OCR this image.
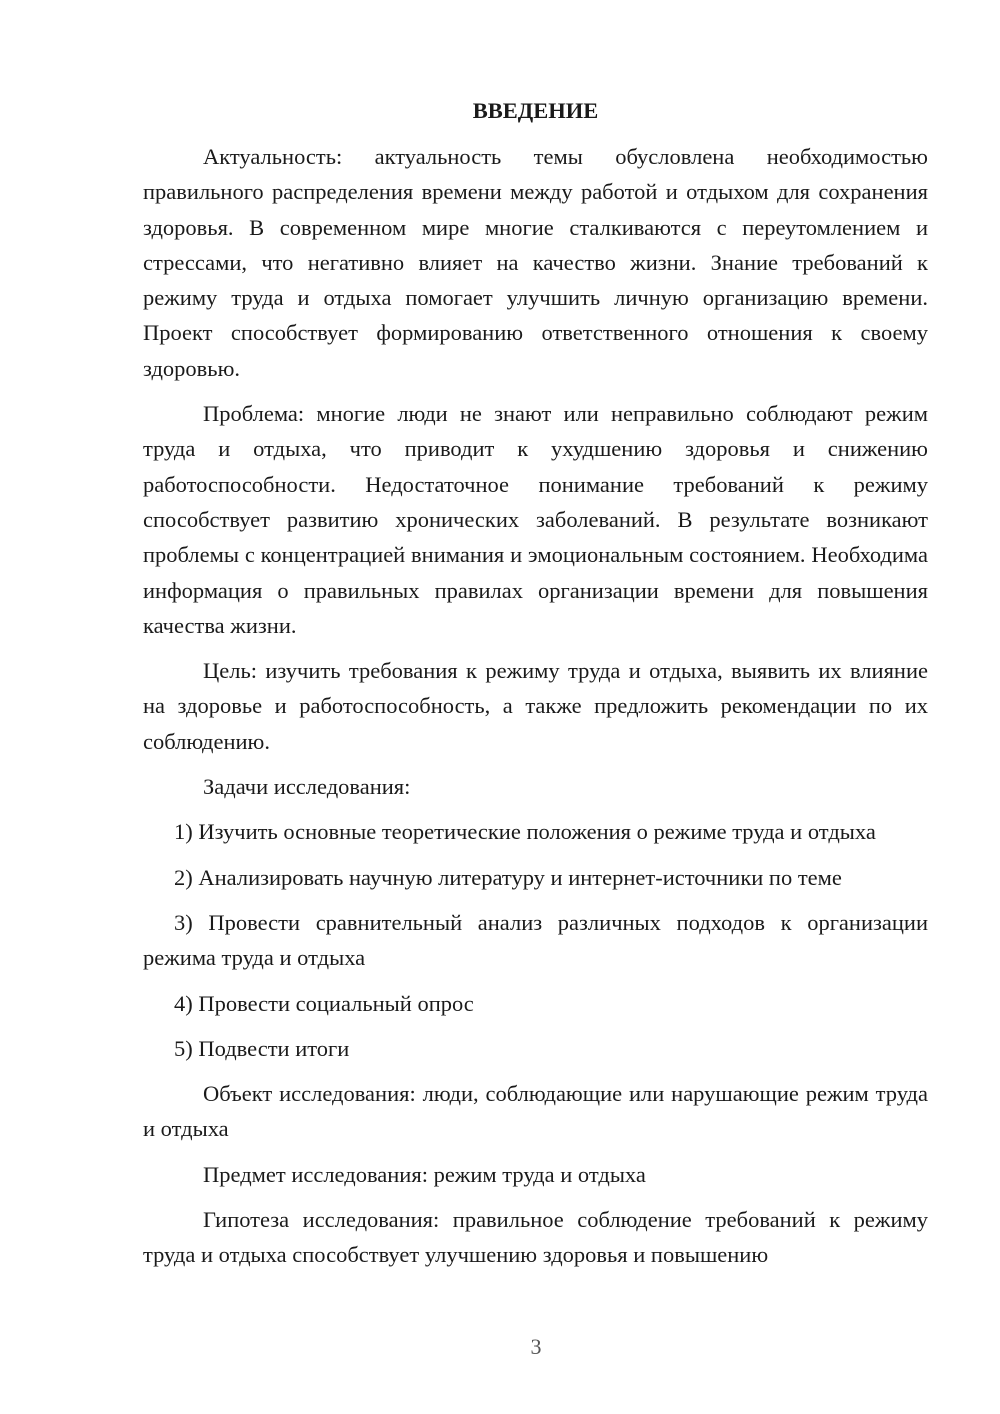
ВВЕДЕНИЕ

Актуальность: актуальность темы обусловлена необходимостью правильного распределения времени между работой и отдыхом для сохранения здоровья. В современном мире многие сталкиваются с переутомлением и стрессами, что негативно влияет на качество жизни. Знание требований к режиму труда и отдыха помогает улучшить личную организацию времени. Проект способствует формированию ответственного отношения к своему здоровью.

Проблема: многие люди не знают или неправильно соблюдают режим труда и отдыха, что приводит к ухудшению здоровья и снижению работоспособности. Недостаточное понимание требований к режиму способствует развитию хронических заболеваний. В результате возникают проблемы с концентрацией внимания и эмоциональным состоянием. Необходима информация о правильных правилах организации времени для повышения качества жизни.

Цель: изучить требования к режиму труда и отдыха, выявить их влияние на здоровье и работоспособность, а также предложить рекомендации по их соблюдению.

Задачи исследования:

1) Изучить основные теоретические положения о режиме труда и отдыха

2) Анализировать научную литературу и интернет-источники по теме

3) Провести сравнительный анализ различных подходов к организации режима труда и отдыха

4) Провести социальный опрос

5) Подвести итоги

Объект исследования: люди, соблюдающие или нарушающие режим труда и отдыха

Предмет исследования: режим труда и отдыха

Гипотеза исследования: правильное соблюдение требований к режиму труда и отдыха способствует улучшению здоровья и повышению

3
